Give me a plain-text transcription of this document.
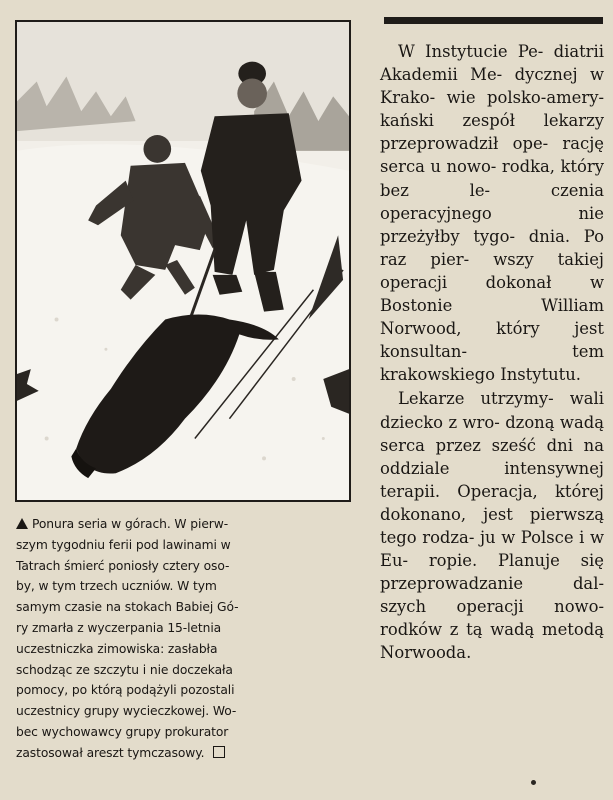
Ponura seria w górach. W pierw-
szym tygodniu ferii pod lawinami w
Tatrach śmierć poniosły cztery oso-
by, w tym trzech uczniów. W tym
samym czasie na stokach Babiej Gó-
ry zmarła z wyczerpania 15-letnia
uczestniczka zimowiska: zasłabła
schodząc ze szczytu i nie doczekała
pomocy, po którą podążyli pozostali
uczestnicy grupy wycieczkowej. Wo-
bec wychowawcy grupy prokurator
zastosował areszt tymczasowy.

W Instytucie Pe- diatrii Akademii Me- dycznej w Krako- wie polsko-amery- kański zespół lekarzy przeprowadził ope- rację serca u nowo- rodka, który bez le-	czenia operacyjnego	nie przeżyłby tygo- dnia. Po raz pier- wszy takiej operacji dokonał w Bostonie	William Norwood, który jest konsultan-	tem krakowskiego Instytutu.

Lekarze utrzymy- wali dziecko z wro- dzoną wadą serca przez sześć dni na oddziale intensywnej terapii. Operacja, której dokonano, jest pierwszą tego rodza- ju w Polsce i w Eu- ropie. Planuje się przeprowadzanie dal- szych operacji nowo- rodków z tą wadą metodą Norwooda.
